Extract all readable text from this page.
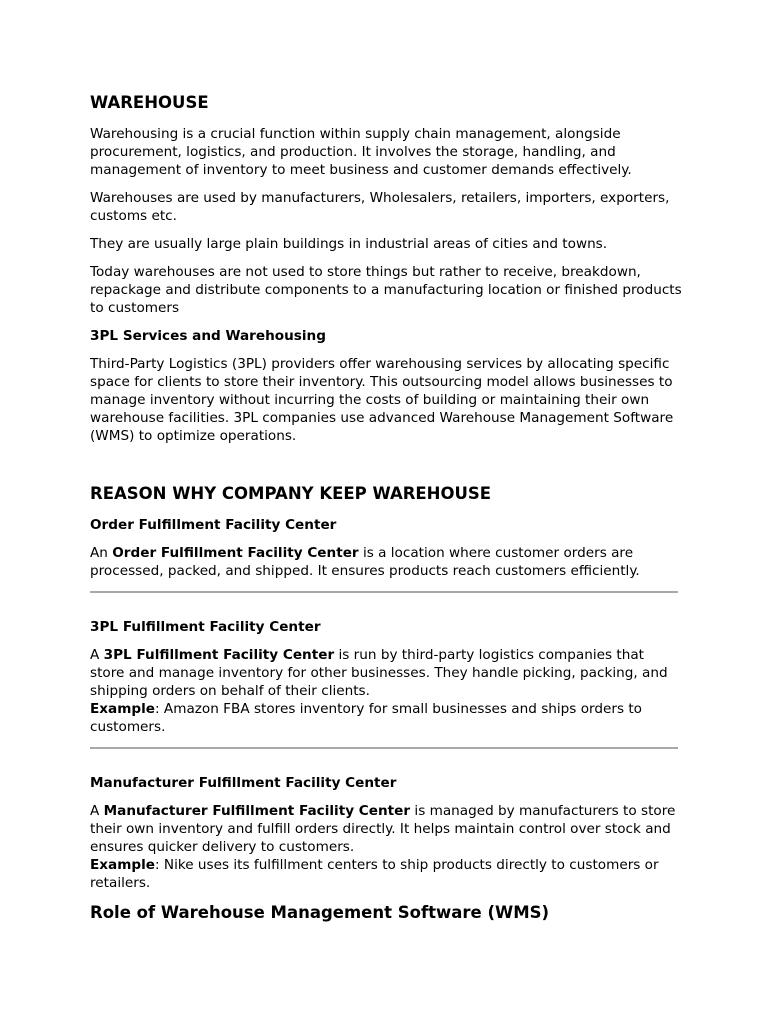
WAREHOUSE

Warehousing is a crucial function within supply chain management, alongside procurement, logistics, and production. It involves the storage, handling, and management of inventory to meet business and customer demands effectively.

Warehouses are used by manufacturers, Wholesalers, retailers, importers, exporters, customs etc.

They are usually large plain buildings in industrial areas of cities and towns.

Today warehouses are not used to store things but rather to receive, breakdown, repackage and distribute components to a manufacturing location or finished products to customers

3PL Services and Warehousing

Third-Party Logistics (3PL) providers offer warehousing services by allocating specific space for clients to store their inventory. This outsourcing model allows businesses to manage inventory without incurring the costs of building or maintaining their own warehouse facilities. 3PL companies use advanced Warehouse Management Software (WMS) to optimize operations.

REASON WHY COMPANY KEEP WAREHOUSE
Order Fulfillment Facility Center

An Order Fulfillment Facility Center is a location where customer orders are processed, packed, and shipped. It ensures products reach customers efficiently.

3PL Fulfillment Facility Center

A 3PL Fulfillment Facility Center is run by third-party logistics companies that store and manage inventory for other businesses. They handle picking, packing, and shipping orders on behalf of their clients.
Example: Amazon FBA stores inventory for small businesses and ships orders to customers.

Manufacturer Fulfillment Facility Center

A Manufacturer Fulfillment Facility Center is managed by manufacturers to store their own inventory and fulfill orders directly. It helps maintain control over stock and ensures quicker delivery to customers.
Example: Nike uses its fulfillment centers to ship products directly to customers or retailers.

Role of Warehouse Management Software (WMS)
